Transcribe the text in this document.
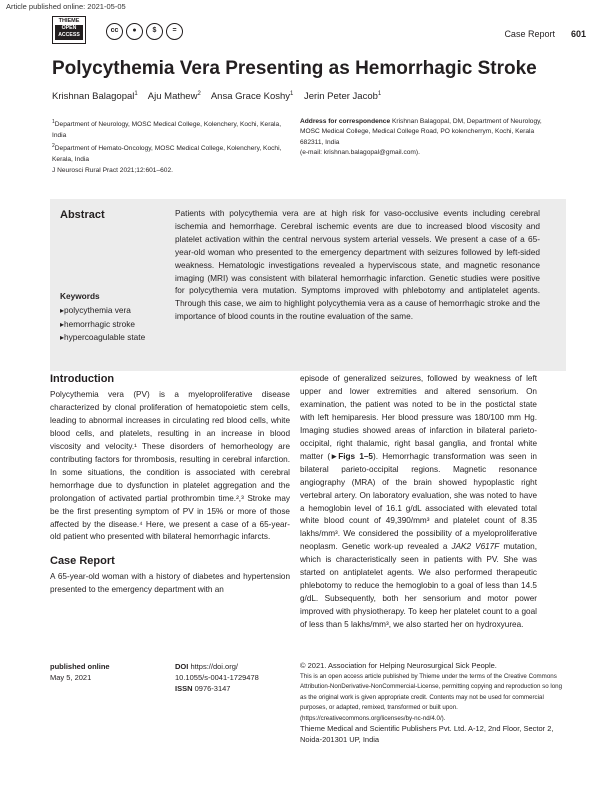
Article published online: 2021-05-05
THIEME
OPEN
ACCESS
cc	●	$	=	Case Report 601
Polycythemia Vera Presenting as Hemorrhagic Stroke
Krishnan Balagopal$^1$ Aju Mathew$^2$ Ansa Grace Koshy$^1$ Jerin Peter Jacob$^1$
$^1$Department of Neurology, MOSC Medical College, Kolenchery, Kochi, Kerala, India
$^2$Department of Hemato-Oncology, MOSC Medical College, Kolenchery, Kochi, Kerala, India
Address for correspondence Krishnan Balagopal, DM, Department of Neurology, MOSC Medical College, Medical College Road, PO kolencherrym, Kochi, Kerala 682311, India
(e-mail: krishnan.balagopal@gmail.com).
J Neurosci Rural Pract 2021;12:601–602.
Abstract	Patients with polycythemia vera are at high risk for vaso-occlusive events including cerebral ischemia and hemorrhage. Cerebral ischemic events are due to increased blood viscosity and platelet activation within the central nervous system arterial vessels. We present a case of a 65-year-old woman who presented to the emergency department with seizures followed by left-sided weakness. Hematologic investigations revealed a hyperviscous state, and magnetic resonance imaging (MRI) was consistent with bilateral hemorrhagic infarction. Genetic studies were positive for polycythemia vera mutation. Symptoms improved with phlebotomy and antiplatelet agents. Through this case, we aim to highlight polycythemia vera as a cause of hemorrhagic stroke and the importance of blood counts in the routine evaluation of the same.
Keywords
▸ polycythemia vera
▸ hemorrhagic stroke
▸ hypercoagulable state
Introduction

Polycythemia vera (PV) is a myeloproliferative disease characterized by clonal proliferation of hematopoietic stem cells, leading to abnormal increases in circulating red blood cells, white blood cells, and platelets, resulting in an increase in blood viscosity and velocity.¹ These disorders of hemorheology are contributing factors for thrombosis, resulting in cerebral infarction. In some situations, the condition is associated with cerebral hemorrhage due to dysfunction in platelet aggregation and the prolongation of activated partial prothrombin time.²,³ Stroke may be the first presenting symptom of PV in 15% or more of those affected by the disease.⁴ Here, we present a case of a 65-year-old patient who presented with bilateral hemorrhagic infarcts.

Case Report

A 65-year-old woman with a history of diabetes and hypertension presented to the emergency department with an

episode of generalized seizures, followed by weakness of left upper and lower extremities and altered sensorium. On examination, the patient was noted to be in the postictal state with left hemiparesis. Her blood pressure was 180/100 mm Hg. Imaging studies showed areas of infarction in bilateral parieto-occipital, right thalamic, right basal ganglia, and frontal white matter (►Figs 1–5). Hemorrhagic transformation was seen in bilateral parieto-occipital regions. Magnetic resonance angiography (MRA) of the brain showed hypoplastic right vertebral artery. On laboratory evaluation, she was noted to have a hemoglobin level of 16.1 g/dL associated with elevated total white blood count of 49,390/mm³ and platelet count of 8.35 lakhs/mm³. We considered the possibility of a myeloproliferative neoplasm. Genetic work-up revealed a JAK2 V617F mutation, which is characteristically seen in patients with PV. She was started on antiplatelet agents. We also performed therapeutic phlebotomy to reduce the hemoglobin to a goal of less than 14.5 g/dL. Subsequently, both her sensorium and motor power improved with physiotherapy. To keep her platelet count to a goal of less than 5 lakhs/mm³, we also started her on hydroxyurea.

published online
May 5, 2021
DOI https://doi.org/
10.1055/s-0041-1729478
ISSN 0976-3147
© 2021. Association for Helping Neurosurgical Sick People.
This is an open access article published by Thieme under the terms of the Creative Commons Attribution-NonDerivative-NonCommercial-License, permitting copying and reproduction so long as the original work is given appropriate credit. Contents may not be used for commercial purposes, or adapted, remixed, transformed or built upon. (https://creativecommons.org/licenses/by-nc-nd/4.0/).
Thieme Medical and Scientific Publishers Pvt. Ltd. A-12, 2nd Floor, Sector 2, Noida-201301 UP, India
